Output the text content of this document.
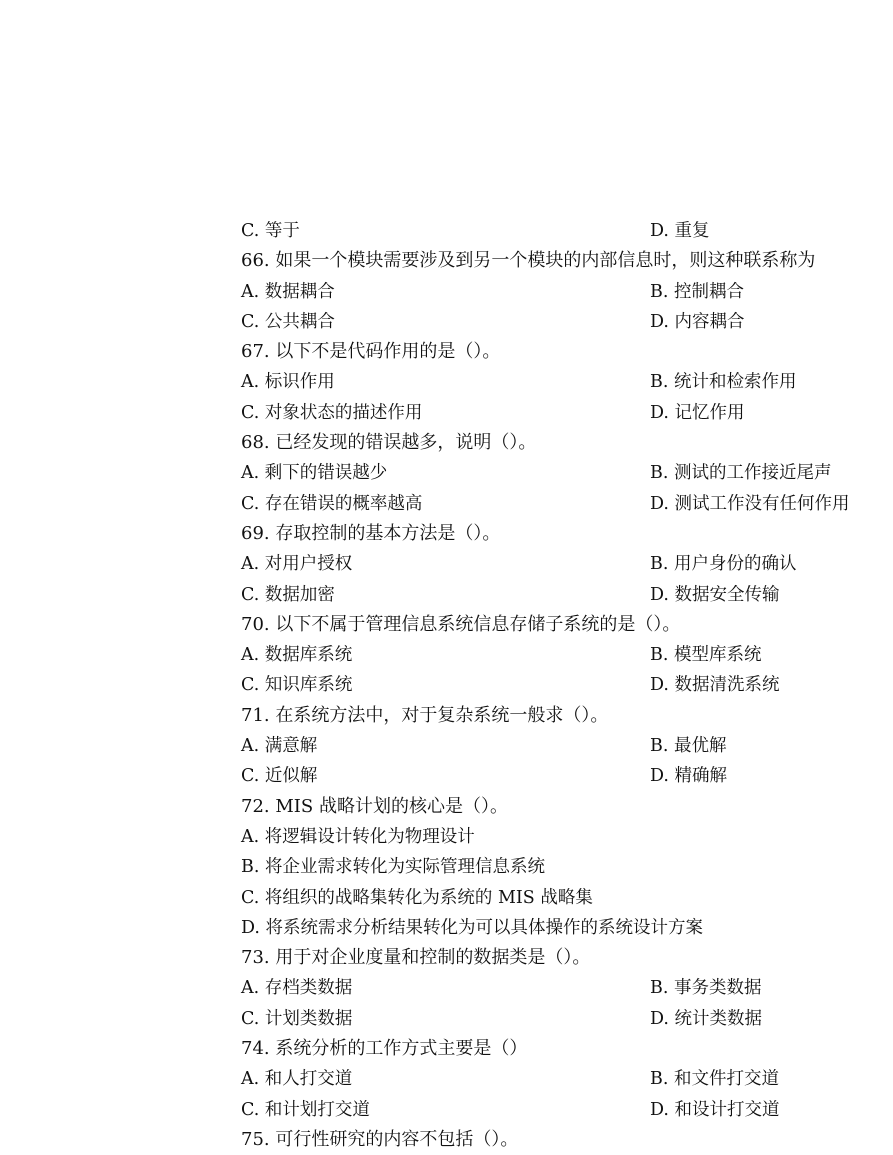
C. 等于	D. 重复
66. 如果一个模块需要涉及到另一个模块的内部信息时，则这种联系称为
A. 数据耦合	B. 控制耦合
C. 公共耦合	D. 内容耦合
67. 以下不是代码作用的是（）。
A. 标识作用	B. 统计和检索作用
C. 对象状态的描述作用	D. 记忆作用
68. 已经发现的错误越多，说明（）。
A. 剩下的错误越少	B. 测试的工作接近尾声
C. 存在错误的概率越高	D. 测试工作没有任何作用
69. 存取控制的基本方法是（）。
A. 对用户授权	B. 用户身份的确认
C. 数据加密	D. 数据安全传输
70. 以下不属于管理信息系统信息存储子系统的是（）。
A. 数据库系统	B. 模型库系统
C. 知识库系统	D. 数据清洗系统
71. 在系统方法中，对于复杂系统一般求（）。
A. 满意解	B. 最优解
C. 近似解	D. 精确解
72. MIS 战略计划的核心是（）。
A. 将逻辑设计转化为物理设计
B. 将企业需求转化为实际管理信息系统
C. 将组织的战略集转化为系统的 MIS 战略集
D. 将系统需求分析结果转化为可以具体操作的系统设计方案
73. 用于对企业度量和控制的数据类是（）。
A. 存档类数据	B. 事务类数据
C. 计划类数据	D. 统计类数据
74. 系统分析的工作方式主要是（）
A. 和人打交道	B. 和文件打交道
C. 和计划打交道	D. 和设计打交道
75. 可行性研究的内容不包括（）。
